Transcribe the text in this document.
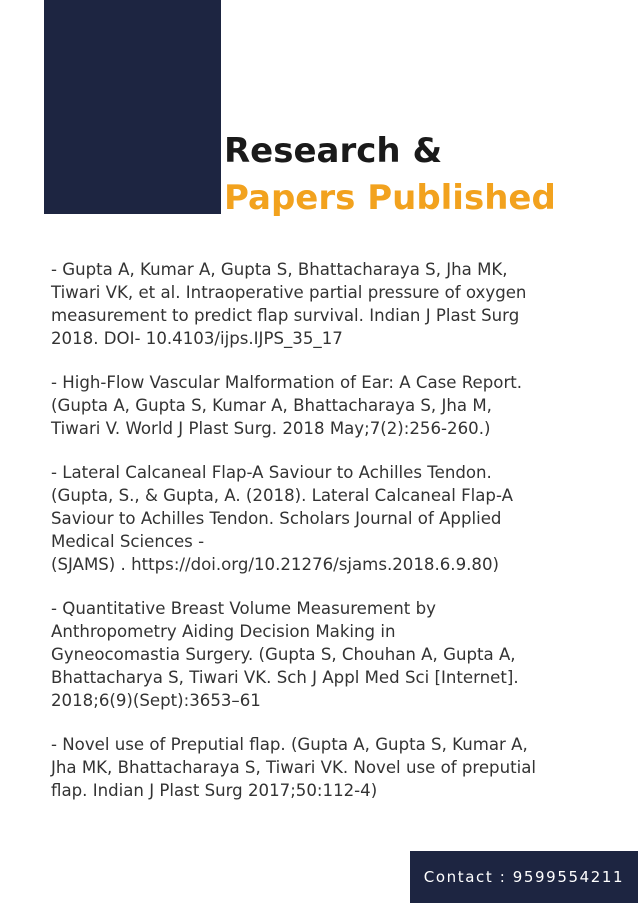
Research &
Papers Published
- Gupta A, Kumar A, Gupta S, Bhattacharaya S, Jha MK,
Tiwari VK, et al. Intraoperative partial pressure of oxygen
measurement to predict flap survival. Indian J Plast Surg
2018. DOI- 10.4103/ijps.IJPS_35_17
- High-Flow Vascular Malformation of Ear: A Case Report.
(Gupta A, Gupta S, Kumar A, Bhattacharaya S, Jha M,
Tiwari V. World J Plast Surg. 2018 May;7(2):256-260.)
- Lateral Calcaneal Flap-A Saviour to Achilles Tendon.
(Gupta, S., & Gupta, A. (2018). Lateral Calcaneal Flap-A
Saviour to Achilles Tendon. Scholars Journal of Applied
Medical Sciences -
(SJAMS) . https://doi.org/10.21276/sjams.2018.6.9.80)
- Quantitative Breast Volume Measurement by
Anthropometry Aiding Decision Making in
Gyneocomastia Surgery. (Gupta S, Chouhan A, Gupta A,
Bhattacharya S, Tiwari VK. Sch J Appl Med Sci [Internet].
2018;6(9)(Sept):3653–61
- Novel use of Preputial flap. (Gupta A, Gupta S, Kumar A,
Jha MK, Bhattacharaya S, Tiwari VK. Novel use of preputial
flap. Indian J Plast Surg 2017;50:112-4)
Contact : 9599554211
